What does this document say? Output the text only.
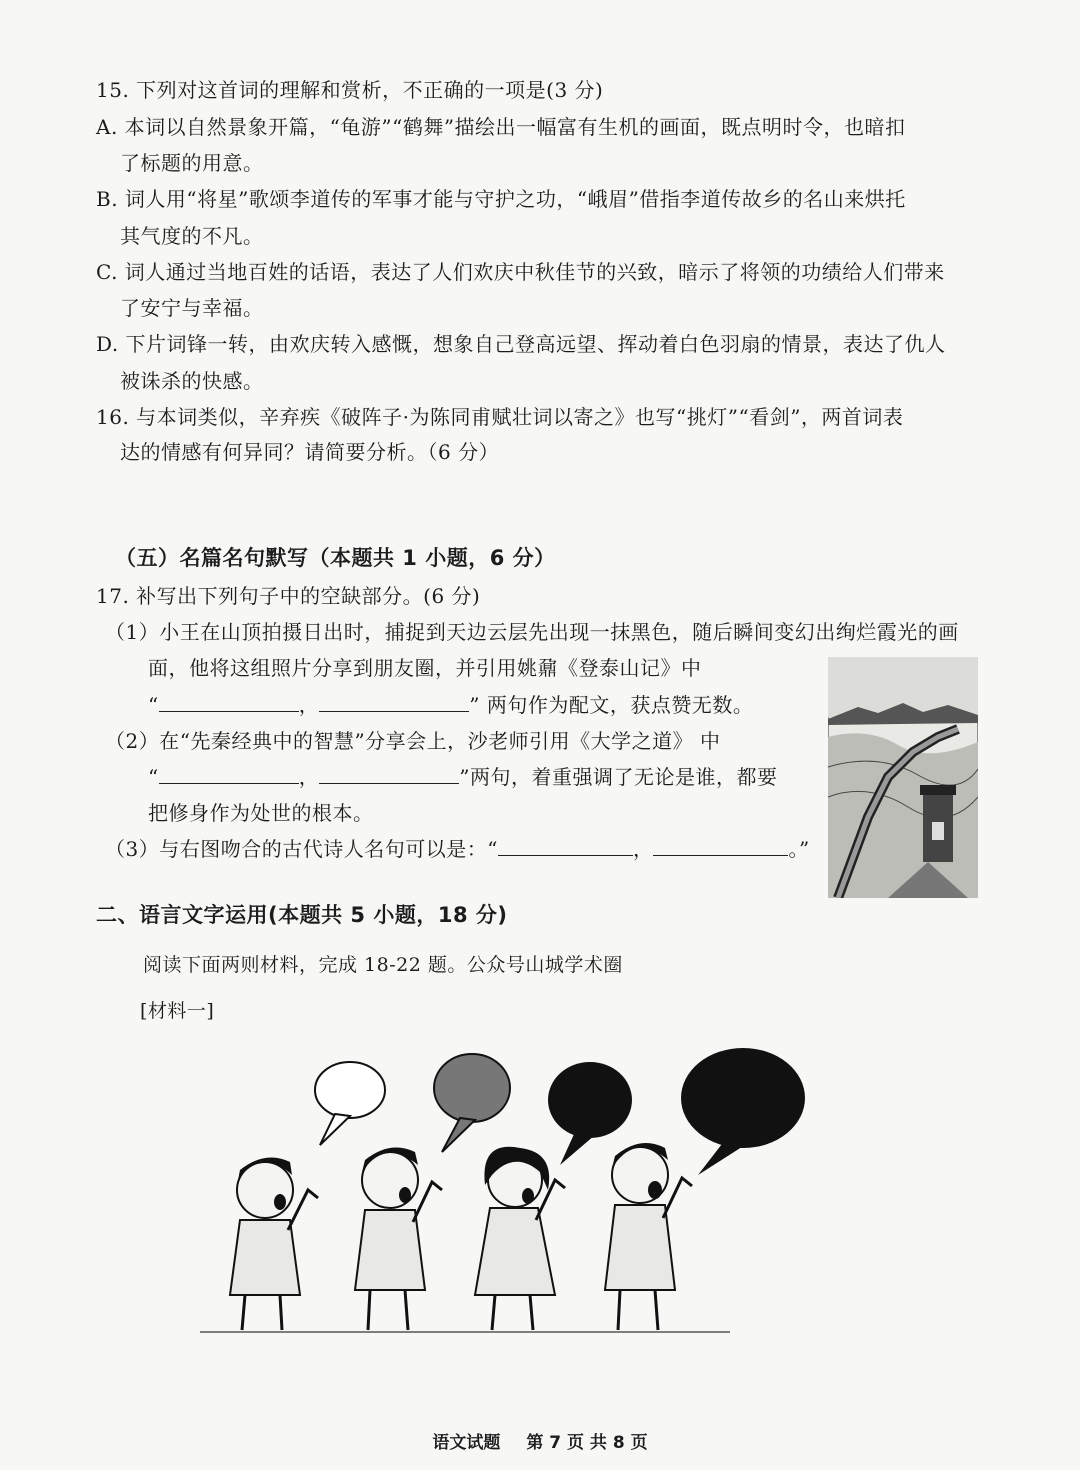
15. 下列对这首词的理解和赏析，不正确的一项是(3 分)
A. 本词以自然景象开篇，“龟游”“鹤舞”描绘出一幅富有生机的画面，既点明时令，也暗扣
了标题的用意。
B. 词人用“将星”歌颂李道传的军事才能与守护之功，“峨眉”借指李道传故乡的名山来烘托
其气度的不凡。
C. 词人通过当地百姓的话语，表达了人们欢庆中秋佳节的兴致，暗示了将领的功绩给人们带来
了安宁与幸福。
D. 下片词锋一转，由欢庆转入感慨，想象自己登高远望、挥动着白色羽扇的情景，表达了仇人
被诛杀的快感。
16. 与本词类似，辛弃疾《破阵子·为陈同甫赋壮词以寄之》也写“挑灯”“看剑”，两首词表
达的情感有何异同？请简要分析。（6 分）
（五）名篇名句默写（本题共 1 小题，6 分）
17. 补写出下列句子中的空缺部分。(6 分)
（1）小王在山顶拍摄日出时，捕捉到天边云层先出现一抹黑色，随后瞬间变幻出绚烂霞光的画
面，他将这组照片分享到朋友圈，并引用姚鼐《登泰山记》中
“	，	” 两句作为配文，获点赞无数。
（2）在“先秦经典中的智慧”分享会上，沙老师引用《大学之道》 中
“	，	”两句，着重强调了无论是谁，都要
把修身作为处世的根本。
（3）与右图吻合的古代诗人名句可以是：“	，	。”
二、语言文字运用(本题共 5 小题，18 分)
阅读下面两则材料，完成 18-22 题。公众号山城学术圈
[材料一]
语文试题 第 7 页 共 8 页
